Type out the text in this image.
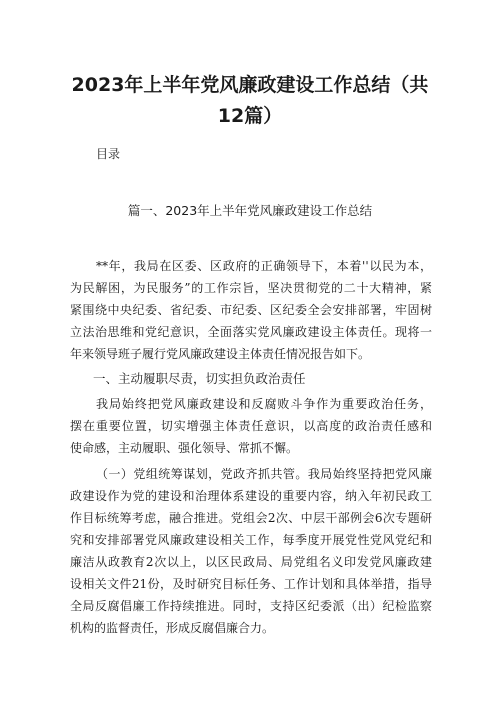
2023年上半年党风廉政建设工作总结（共
12篇）
目录
篇一、2023年上半年党风廉政建设工作总结
**年，我局在区委、区政府的正确领导下，本着''以民为本，
为民解困，为民服务”的工作宗旨，坚决贯彻党的二十大精神，紧
紧围绕中央纪委、省纪委、市纪委、区纪委全会安排部署，牢固树
立法治思维和党纪意识，全面落实党风廉政建设主体责任。现将一
年来领导班子履行党风廉政建设主体责任情况报告如下。
一、主动履职尽责，切实担负政治责任
我局始终把党风廉政建设和反腐败斗争作为重要政治任务，
摆在重要位置，切实增强主体责任意识，以高度的政治责任感和
使命感，主动履职、强化领导、常抓不懈。
（一）党组统筹谋划，党政齐抓共管。我局始终坚持把党风廉
政建设作为党的建设和治理体系建设的重要内容，纳入年初民政工
作目标统筹考虑，融合推进。党组会2次、中层干部例会6次专题研
究和安排部署党风廉政建设相关工作，每季度开展党性党风党纪和
廉洁从政教育2次以上，以区民政局、局党组名义印发党风廉政建
设相关文件21份，及时研究目标任务、工作计划和具体举措，指导
全局反腐倡廉工作持续推进。同时，支持区纪委派（出）纪检监察
机构的监督责任，形成反腐倡廉合力。
